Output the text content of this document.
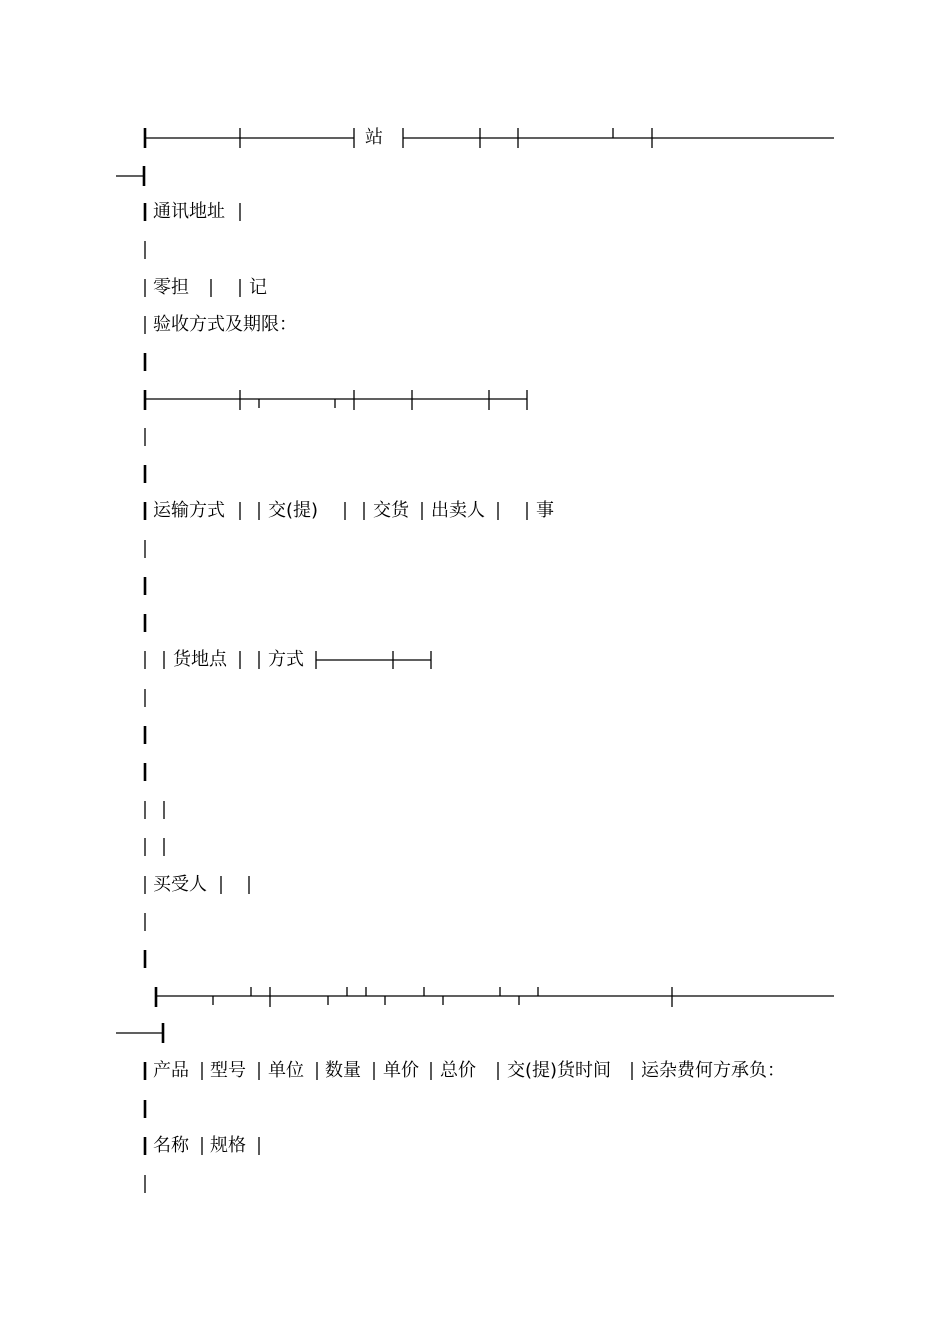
站
通讯地址
零担	记
验收方式及期限：
运输方式	交(提)	交货	出卖人	事
货地点	方式
买受人
产品	型号	单位	数量	单价	总价	交(提)货时间	运杂费何方承负：
名称	规格
